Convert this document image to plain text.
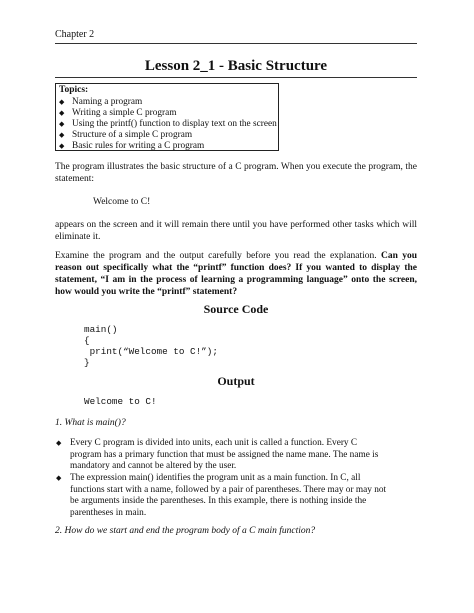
Chapter 2
Lesson 2_1 - Basic Structure
Topics:
◆ Naming a program
◆ Writing a simple C program
◆ Using the printf() function to display text on the screen
◆ Structure of a simple C program
◆ Basic rules for writing a C program
The program illustrates the basic structure of a C program. When you execute the program, the statement:
Welcome to C!
appears on the screen and it will remain there until you have performed other tasks which will eliminate it.
Examine the program and the output carefully before you read the explanation. Can you reason out specifically what the “printf” function does? If you wanted to display the statement, “I am in the process of learning a programming language” onto the screen, how would you write the “printf” statement?
Source Code
main()
{
print(“Welcome to C!”);
}
Output
Welcome to C!
1. What is main()?
◆ Every C program is divided into units, each unit is called a function. Every C program has a primary function that must be assigned the name mane. The name is mandatory and cannot be altered by the user.
◆ The expression main() identifies the program unit as a main function. In C, all functions start with a name, followed by a pair of parentheses. There may or may not be arguments inside the parentheses. In this example, there is nothing inside the parentheses in main.
2. How do we start and end the program body of a C main function?
